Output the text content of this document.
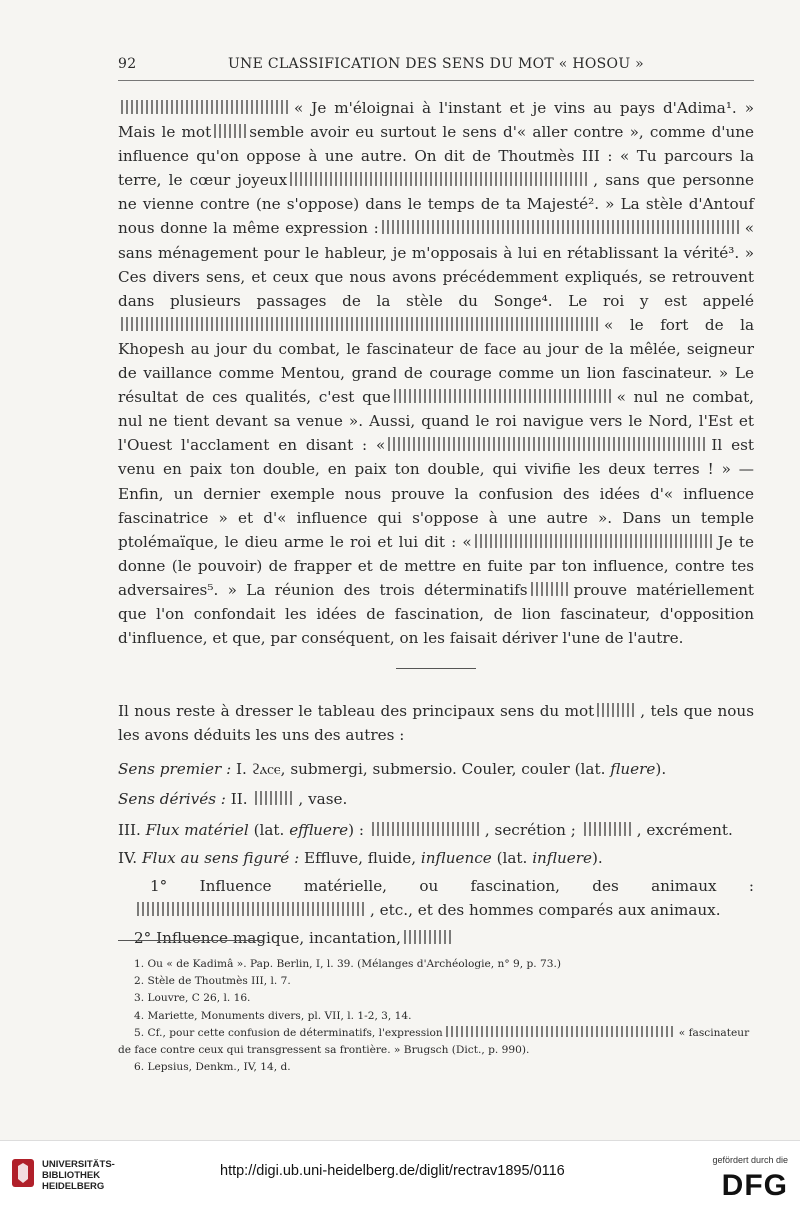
92	UNE CLASSIFICATION DES SENS DU MOT « HOSOU »

« Je m'éloignai à l'instant et je vins au pays d'Adima¹. » Mais le mot	semble avoir eu surtout le sens d'« aller contre », comme d'une influence qu'on oppose à une autre. On dit de Thoutmès III : « Tu parcours la terre, le cœur joyeux	, sans que personne ne vienne contre (ne s'oppose) dans le temps de ta Majesté². » La stèle d'Antouf nous donne la même expression :	« sans ménagement pour le hableur, je m'opposais à lui en rétablissant la vérité³. » Ces divers sens, et ceux que nous avons précédemment expliqués, se retrouvent dans plusieurs passages de la stèle du Songe⁴. Le roi y est appelé« le fort de la Khopesh au jour du combat, le fascinateur de face au jour de la mêlée, seigneur de vaillance comme Mentou, grand de courage comme un lion fascinateur. » Le résultat de ces qualités, c'est que	« nul ne combat, nul ne tient devant sa venue ». Aussi, quand le roi navigue vers le Nord, l'Est et l'Ouest l'acclament en disant : «	Il est venu en paix ton double, en paix ton double, qui vivifie les deux terres ! » — Enfin, un dernier exemple nous prouve la confusion des idées d'« influence fascinatrice » et d'« influence qui s'oppose à une autre ». Dans un temple ptolémaïque, le dieu arme le roi et lui dit : «	Je te donne (le pouvoir) de frapper et de mettre en fuite par ton influence, contre tes adversaires⁵. » La réunion des trois déterminatifs	prouve matériellement que l'on confondait les idées de fascination, de lion fascinateur, d'opposition d'influence, et que, par conséquent, on les faisait dériver l'une de l'autre.

Il nous reste à dresser le tableau des principaux sens du mot	, tels que nous les avons déduits les uns des autres :

Sens premier : I. ϩⲁⲥⲉ, submergi, submersio. Couler, couler (lat. fluere).

Sens dérivés : II.	, vase.

III. Flux matériel (lat. effluere) :	, secrétion ;	, excrément.

IV. Flux au sens figuré : Effluve, fluide, influence (lat. influere).

1° Influence matérielle, ou fascination, des animaux :, etc., et des hommes comparés aux animaux.

2° Influence magique, incantation,

1. Ou « de Kadimâ ». Pap. Berlin, I, l. 39. (Mélanges d'Archéologie, n° 9, p. 73.)
2. Stèle de Thoutmès III, l. 7.
3. Louvre, C 26, l. 16.
4. Mariette, Monuments divers, pl. VII, l. 1-2, 3, 14.
5. Cf., pour cette confusion de déterminatifs, l'expression	« fascinateur
de face contre ceux qui transgressent sa frontière. » Brugsch (Dict., p. 990).
6. Lepsius, Denkm., IV, 14, d.
UNIVERSITÄTS-
BIBLIOTHEK
HEIDELBERG
http://digi.ub.uni-heidelberg.de/diglit/rectrav1895/0116
gefördert durch die
DFG
